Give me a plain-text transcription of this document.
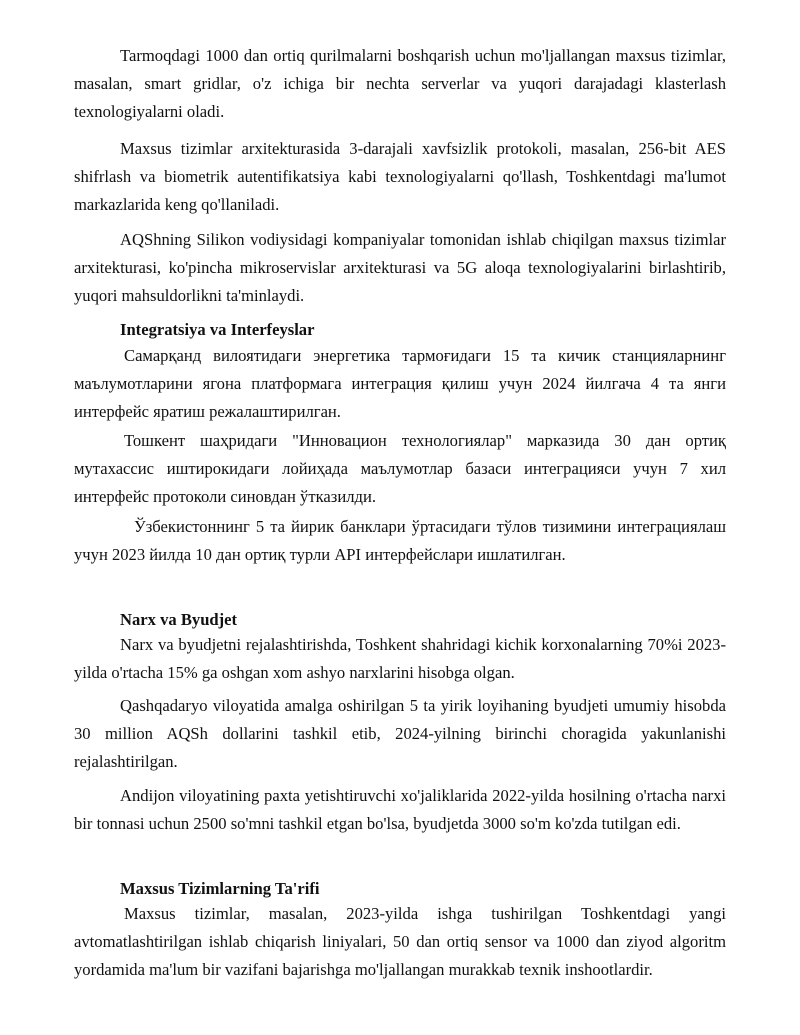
Tarmoqdagi 1000 dan ortiq qurilmalarni boshqarish uchun mo'ljallangan maxsus tizimlar, masalan, smart gridlar, o'z ichiga bir nechta serverlar va yuqori darajadagi klasterlash texnologiyalarni oladi.

Maxsus tizimlar arxitekturasida 3-darajali xavfsizlik protokoli, masalan, 256-bit AES shifrlash va biometrik autentifikatsiya kabi texnologiyalarni qo'llash, Toshkentdagi ma'lumot markazlarida keng qo'llaniladi.

AQShning Silikon vodiysidagi kompaniyalar tomonidan ishlab chiqilgan maxsus tizimlar arxitekturasi, ko'pincha mikroservislar arxitekturasi va 5G aloqa texnologiyalarini birlashtirib, yuqori mahsuldorlikni ta'minlaydi.

Integratsiya va Interfeyslar

Самарқанд вилоятидаги энергетика тармоғидаги 15 та кичик станцияларнинг маълумотларини ягона платформага интеграция қилиш учун 2024 йилгача 4 та янги интерфейс яратиш режалаштирилган.

Тошкент шаҳридаги "Инновацион технологиялар" марказида 30 дан ортиқ мутахассис иштирокидаги лойиҳада маълумотлар базаси интеграцияси учун 7 хил интерфейс протоколи синовдан ўтказилди.

Ўзбекистоннинг 5 та йирик банклари ўртасидаги тўлов тизимини интеграциялаш учун 2023 йилда 10 дан ортиқ турли API интерфейслари ишлатилган.

Narx va Byudjet

Narx va byudjetni rejalashtirishda, Toshkent shahridagi kichik korxonalarning 70%i 2023-yilda o'rtacha 15% ga oshgan xom ashyo narxlarini hisobga olgan.

Qashqadaryo viloyatida amalga oshirilgan 5 ta yirik loyihaning byudjeti umumiy hisobda 30 million AQSh dollarini tashkil etib, 2024-yilning birinchi choragida yakunlanishi rejalashtirilgan.

Andijon viloyatining paxta yetishtiruvchi xo'jaliklarida 2022-yilda hosilning o'rtacha narxi bir tonnasi uchun 2500 so'mni tashkil etgan bo'lsa, byudjetda 3000 so'm ko'zda tutilgan edi.

Maxsus Tizimlarning Ta'rifi

Maxsus tizimlar, masalan, 2023-yilda ishga tushirilgan Toshkentdagi yangi avtomatlashtirilgan ishlab chiqarish liniyalari, 50 dan ortiq sensor va 1000 dan ziyod algoritm yordamida ma'lum bir vazifani bajarishga mo'ljallangan murakkab texnik inshootlardir.
